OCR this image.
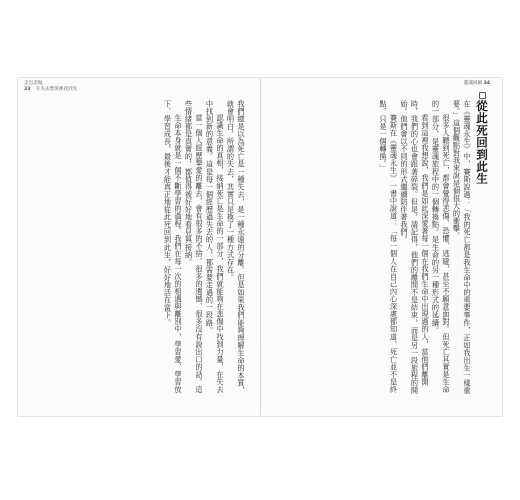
走出悲傷，
33 在失去摯愛裡找到光
靈魂回歸 34
從此死回到此生

在《靈魂永生》中，賽斯說過：「我的死亡都是我生命中的重要事件，正如我出生一樣重要。」這個觀點對我來說是個很大的衝擊。

很多人聽到死亡，都會覺得悲傷、恐懼、逃避，甚至不願意面對。但死亡其實是生命的一部分，是靈魂旅程中的一個轉換點，是生命的另一種形式的延續。

看到這裡我想說，我們是如此深愛著每一個在我們生命中出現過的人，當他們離開時，我們的心也會跟著碎裂。但是，請記得，他們的離開不是結束，而是另一段旅程的開始。他們會以不同的形式繼續陪伴著我們。

賽斯在《靈魂永生》一書中說道：「每一個人在自己內心深處都知道，死亡並不是終點，只是一個轉換。」

我們總是以為死亡是一種失去，是一種永遠的分離。但是如果我們能夠理解生命的本質，就會明白，所謂的失去，其實只是換了一種方式存在。

認識生命的真相，接納死亡是生命的一部分，我們就能夠在悲傷中找到力量，在失去中找到新的意義。這是每一個經歷過失去的人，都需要走過的一段路。

當一個人經歷摯愛的離去，會有很多的不捨、很多的遺憾、很多沒有說出口的話。這些情緒都是真實的，都值得被好好地看見與接納。

生命本身就是一個不斷學習的過程。我們在每一次的相遇與離別中，學習愛、學習放下、學習成長，最後才能真正地從此死回到此生，好好地活在當下。
